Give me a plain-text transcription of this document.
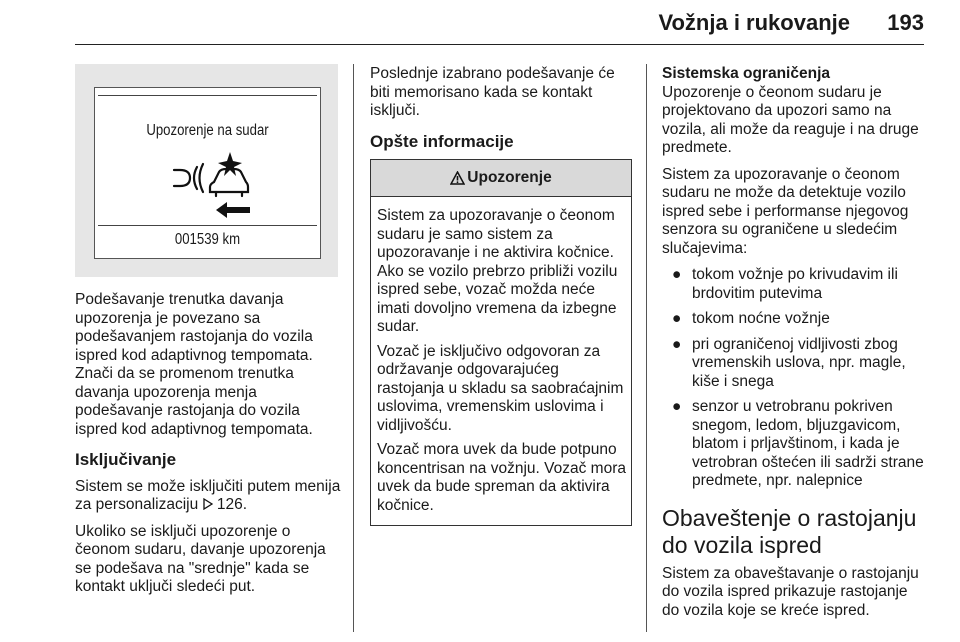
Vožnja i rukovanje 193
Upozorenje na sudar
001539 km

Podešavanje trenutka davanja upozorenja je povezano sa podešavanjem rastojanja do vozila ispred kod adaptivnog tempomata. Znači da se promenom trenutka davanja upozorenja menja podešavanje rastojanja do vozila ispred kod adaptivnog tempomata.

Isključivanje

Sistem se može isključiti putem menija za personalizaciju 126.

Ukoliko se isključi upozorenje o čeonom sudaru, davanje upozorenja se podešava na "srednje" kada se kontakt uključi sledeći put.

Poslednje izabrano podešavanje će biti memorisano kada se kontakt isključi.

Opšte informacije
Upozorenje

Sistem za upozoravanje o čeonom sudaru je samo sistem za upozoravanje i ne aktivira kočnice. Ako se vozilo prebrzo približi vozilu ispred sebe, vozač možda neće imati dovoljno vremena da izbegne sudar.

Vozač je isključivo odgovoran za održavanje odgovarajućeg rastojanja u skladu sa saobraćajnim uslovima, vremenskim uslovima i vidljivošću.

Vozač mora uvek da bude potpuno koncentrisan na vožnju. Vozač mora uvek da bude spreman da aktivira kočnice.

Sistemska ograničenja

Upozorenje o čeonom sudaru je projektovano da upozori samo na vozila, ali može da reaguje i na druge predmete.

Sistem za upozoravanje o čeonom sudaru ne može da detektuje vozilo ispred sebe i performanse njegovog senzora su ograničene u sledećim slučajevima:

● tokom vožnje po krivudavim ili brdovitim putevima
● tokom noćne vožnje
● pri ograničenoj vidljivosti zbog vremenskih uslova, npr. magle, kiše i snega
● senzor u vetrobranu pokriven snegom, ledom, bljuzgavicom, blatom i prljavštinom, i kada je vetrobran oštećen ili sadrži strane predmete, npr. nalepnice
Obaveštenje o rastojanju do vozila ispred

Sistem za obaveštavanje o rastojanju do vozila ispred prikazuje rastojanje do vozila koje se kreće ispred.
